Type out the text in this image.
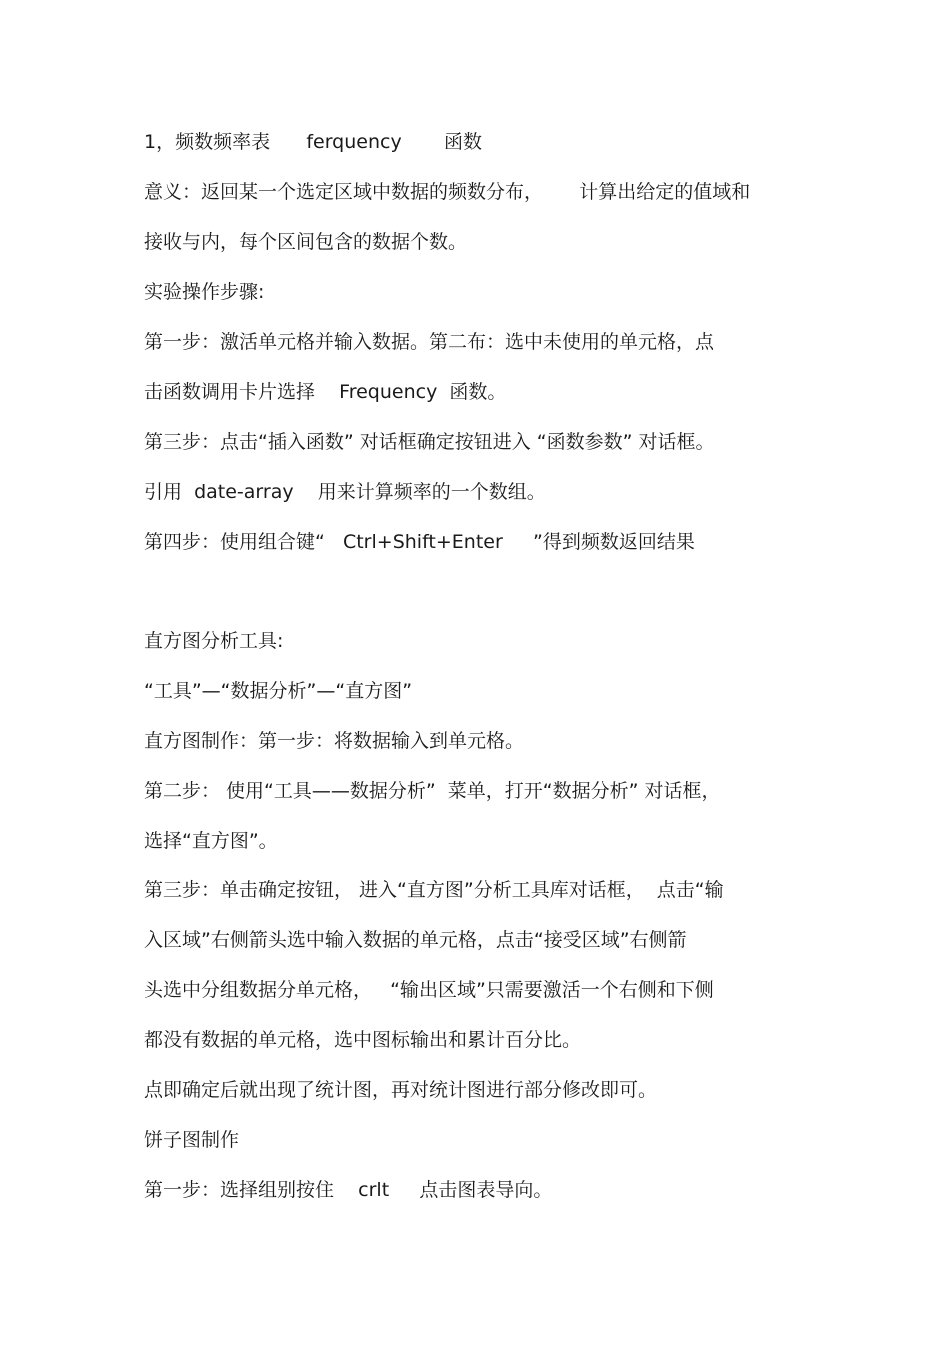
1，频数频率表      ferquency       函数
意义：返回某一个选定区域中数据的频数分布，      计算出给定的值域和
接收与内，每个区间包含的数据个数。
实验操作步骤:
第一步：激活单元格并输入数据。第二布：选中未使用的单元格，点
击函数调用卡片选择    Frequency  函数。
第三步：点击“插入函数” 对话框确定按钮进入 “函数参数” 对话框。
引用  date-array    用来计算频率的一个数组。
第四步：使用组合键“   Ctrl+Shift+Enter     ”得到频数返回结果
直方图分析工具:
“工具”—“数据分析”—“直方图”
直方图制作：第一步：将数据输入到单元格。
第二步： 使用“工具——数据分析”  菜单，打开“数据分析” 对话框，
选择“直方图”。
第三步：单击确定按钮， 进入“直方图”分析工具库对话框，  点击“输
入区域”右侧箭头选中输入数据的单元格，点击“接受区域”右侧箭
头选中分组数据分单元格，   “输出区域”只需要激活一个右侧和下侧
都没有数据的单元格，选中图标输出和累计百分比。
点即确定后就出现了统计图，再对统计图进行部分修改即可。
饼子图制作
第一步：选择组别按住    crlt     点击图表导向。
